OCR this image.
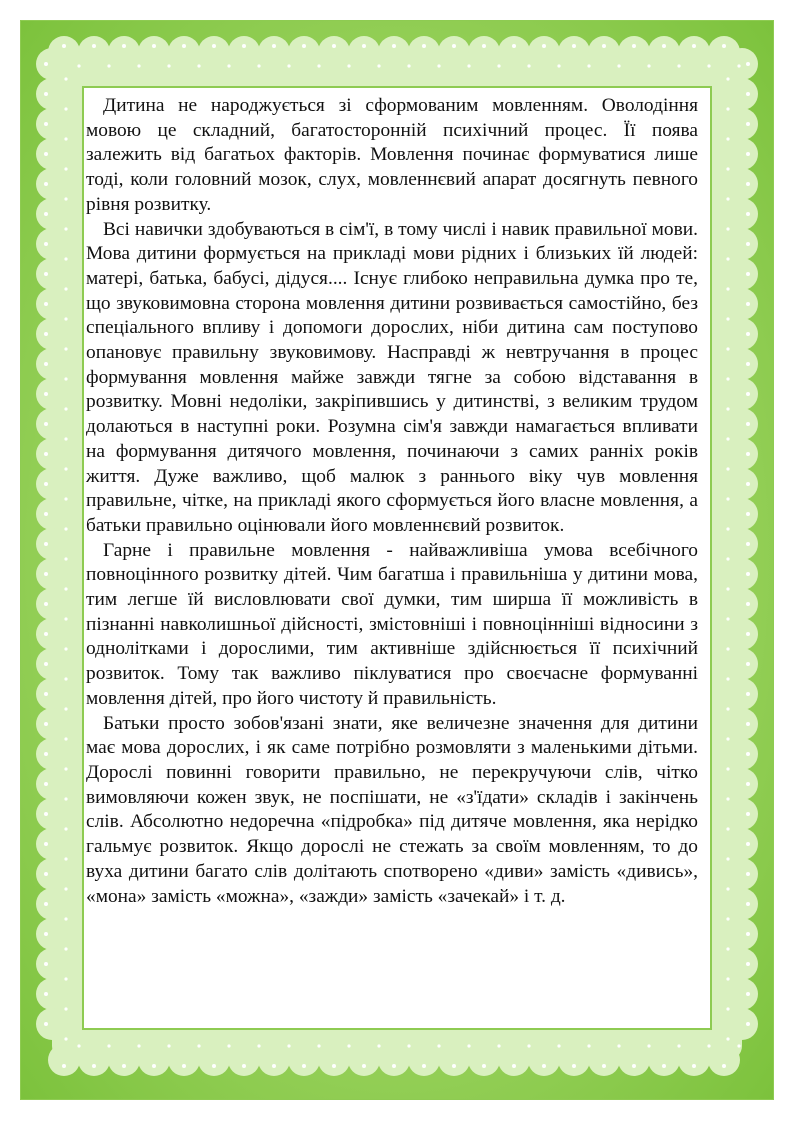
Дитина не народжується зі сформованим мовленням. Оволодіння мовою це складний, багатосторонній психічний процес. Її поява залежить від багатьох факторів. Мовлення починає формуватися лише тоді, коли головний мозок, слух, мовленнєвий апарат досягнуть певного рівня розвитку.

Всі навички здобуваються в сім'ї, в тому числі і навик правильної мови. Мова дитини формується на прикладі мови рідних і близьких їй людей: матері, батька, бабусі, дідуся.... Існує глибоко неправильна думка про те, що звуковимовна сторона мовлення дитини розвивається самостійно, без спеціального впливу і допомоги дорослих, ніби дитина сам поступово опановує правильну звуковимову. Насправді ж невтручання в процес формування мовлення майже завжди тягне за собою відставання в розвитку. Мовні недоліки, закріпившись у дитинстві, з великим трудом долаються в наступні роки. Розумна сім'я завжди намагається впливати на формування дитячого мовлення, починаючи з самих ранніх років життя. Дуже важливо, щоб малюк з раннього віку чув мовлення правильне, чітке, на прикладі якого сформується його власне мовлення, а батьки правильно оцінювали його мовленнєвий розвиток.

Гарне і правильне мовлення - найважливіша умова всебічного повноцінного розвитку дітей. Чим багатша і правильніша у дитини мова, тим легше їй висловлювати свої думки, тим ширша її можливість в пізнанні навколишньої дійсності, змістовніші і повноцінніші відносини з однолітками і дорослими, тим активніше здійснюється її психічний розвиток. Тому так важливо піклуватися про своєчасне формуванні мовлення дітей, про його чистоту й правильність.

Батьки просто зобов'язані знати, яке величезне значення для дитини має мова дорослих, і як саме потрібно розмовляти з маленькими дітьми. Дорослі повинні говорити правильно, не перекручуючи слів, чітко вимовляючи кожен звук, не поспішати, не «з'їдати» складів і закінчень слів. Абсолютно недоречна «підробка» під дитяче мовлення, яка нерідко гальмує розвиток. Якщо дорослі не стежать за своїм мовленням, то до вуха дитини багато слів долітають спотворено «диви» замість «дивись», «мона» замість «можна», «зажди» замість «зачекай» і т. д.
